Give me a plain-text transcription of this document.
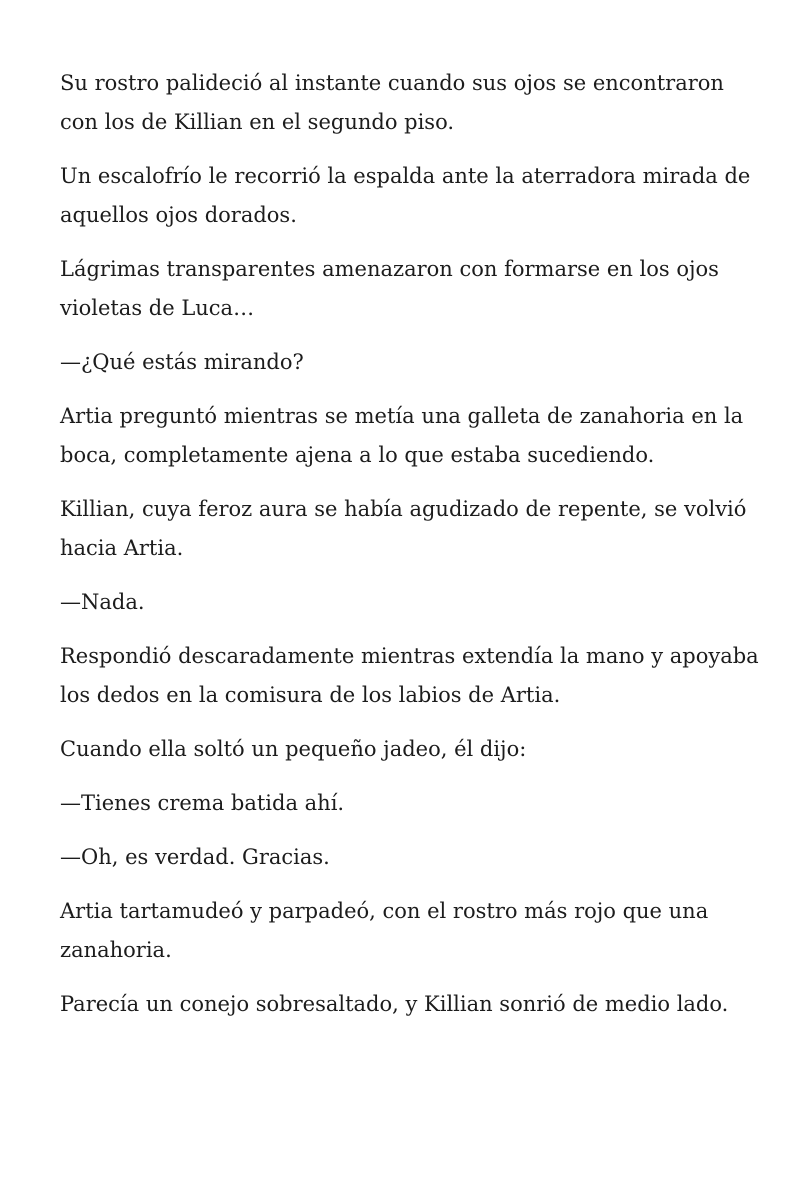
Su rostro palideció al instante cuando sus ojos se encontraron con los de Killian en el segundo piso.

Un escalofrío le recorrió la espalda ante la aterradora mirada de aquellos ojos dorados.

Lágrimas transparentes amenazaron con formarse en los ojos violetas de Luca…

—¿Qué estás mirando?

Artia preguntó mientras se metía una galleta de zanahoria en la boca, completamente ajena a lo que estaba sucediendo.

Killian, cuya feroz aura se había agudizado de repente, se volvió hacia Artia.

—Nada.

Respondió descaradamente mientras extendía la mano y apoyaba los dedos en la comisura de los labios de Artia.

Cuando ella soltó un pequeño jadeo, él dijo:

—Tienes crema batida ahí.

—Oh, es verdad. Gracias.

Artia tartamudeó y parpadeó, con el rostro más rojo que una zanahoria.

Parecía un conejo sobresaltado, y Killian sonrió de medio lado.
